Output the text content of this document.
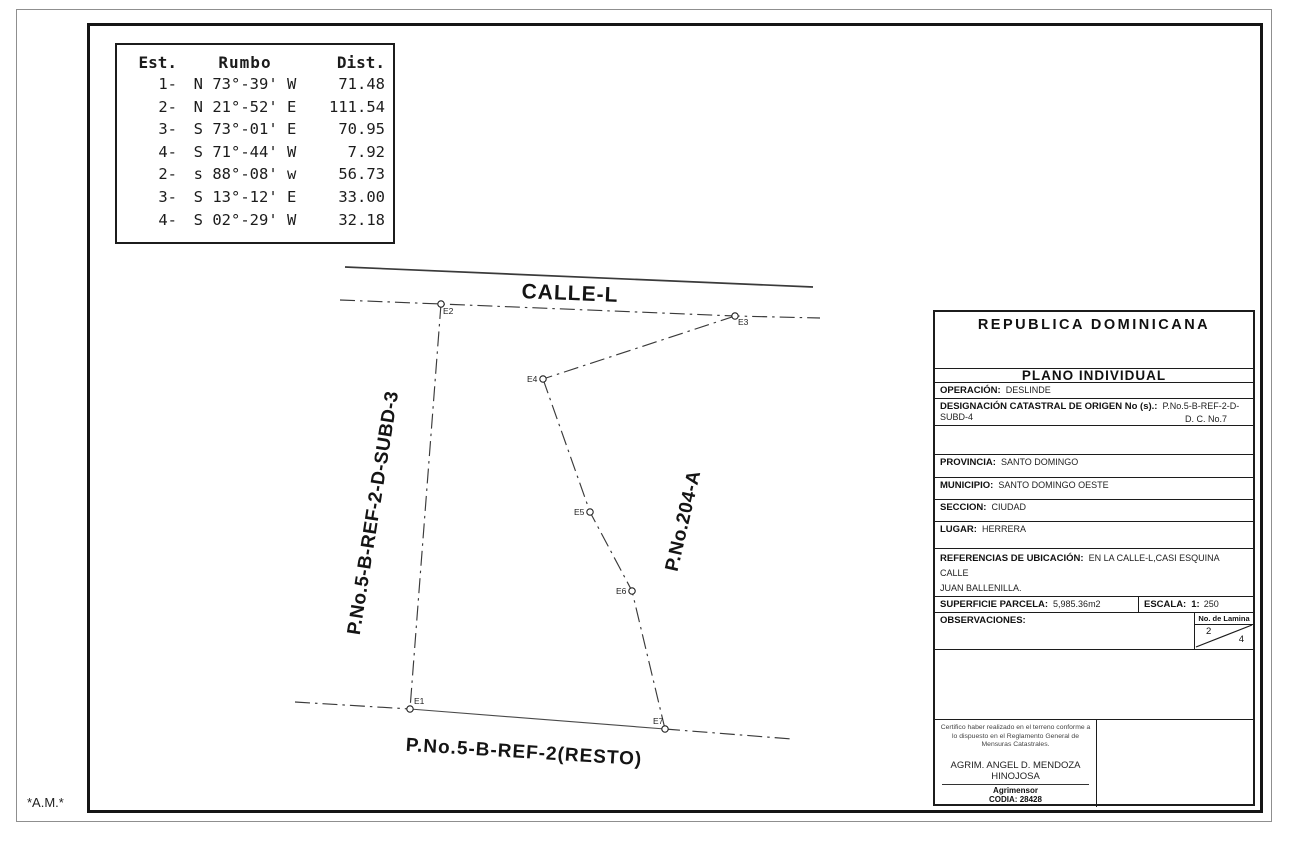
E1
E2
E3
E4
E5
E6
E7
CALLE-L
P.No.5-B-REF-2-D-SUBD-3	P.No.204-A
P.No.5-B-REF-2(RESTO)
Est.	Rumbo	Dist.
1-	N 73°-39' W	71.48
2-	N 21°-52' E	111.54
3-	S 73°-01' E	70.95
4-	S 71°-44' W	7.92
2-	s 88°-08' w	56.73
3-	S 13°-12' E	33.00
4-	S 02°-29' W	32.18
REPUBLICA DOMINICANA
PLANO INDIVIDUAL
OPERACIÓN: DESLINDE
DESIGNACIÓN CATASTRAL DE ORIGEN No (s).: P.No.5-B-REF-2-D-SUBD-4	D. C. No.7
PROVINCIA: SANTO DOMINGO
MUNICIPIO: SANTO DOMINGO OESTE
SECCION: CIUDAD
LUGAR: HERRERA
REFERENCIAS DE UBICACIÓN: EN LA CALLE-L,CASI ESQUINA CALLE
JUAN BALLENILLA.
SUPERFICIE PARCELA: 5,985.36m2	ESCALA: 1: 250
OBSERVACIONES:	No. de Lamina
2
4
Certifico haber realizado en el terreno conforme a lo dispuesto en el Reglamento General de Mensuras Catastrales.
AGRIM. ANGEL D. MENDOZA HINOJOSA
Agrimensor
CODIA: 28428
*A.M.*
